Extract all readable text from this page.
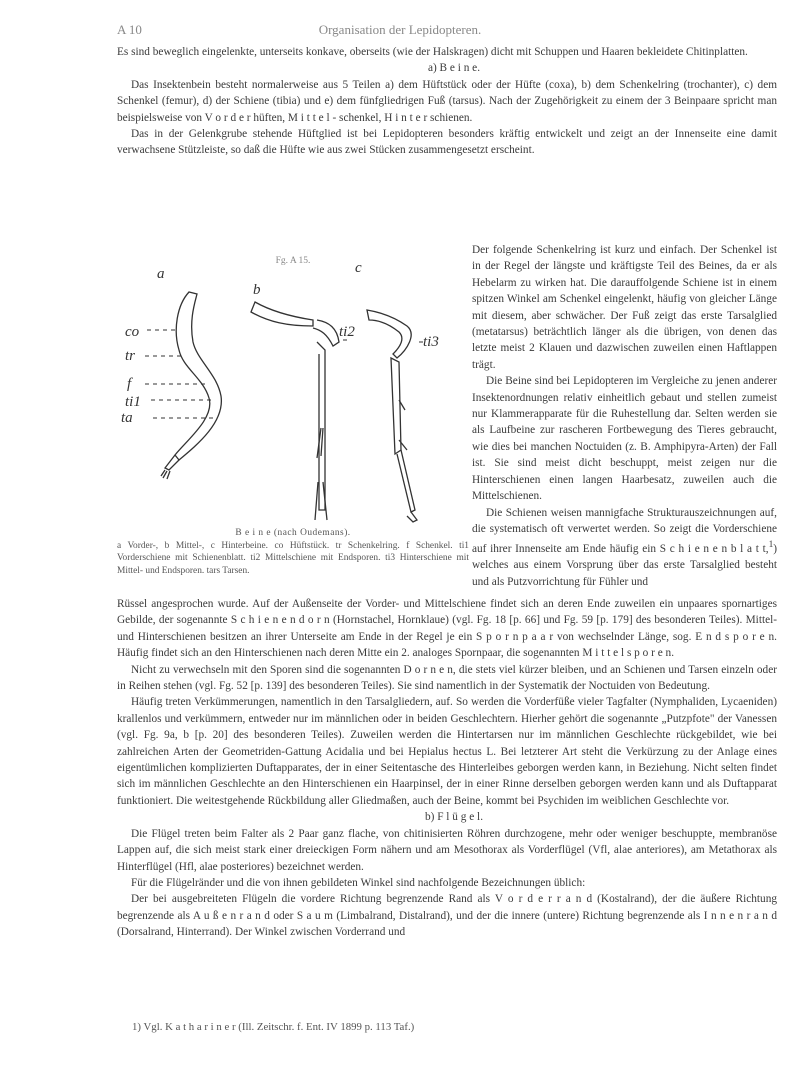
A 10	Organisation der Lepidopteren.

Es sind beweglich eingelenkte, unterseits konkave, oberseits (wie der Halskragen) dicht mit Schuppen und Haaren bekleidete Chitinplatten.

a) B e i n e.

Das Insektenbein besteht normalerweise aus 5 Teilen a) dem Hüftstück oder der Hüfte (coxa), b) dem Schenkelring (trochanter), c) dem Schenkel (femur), d) der Schiene (tibia) und e) dem fünfgliedrigen Fuß (tarsus). Nach der Zugehörigkeit zu einem der 3 Beinpaare spricht man beispielsweise von V o r d e r hüften, M i t t e l - schenkel, H i n t e r schienen.

Das in der Gelenkgrube stehende Hüftglied ist bei Lepidopteren besonders kräftig entwickelt und zeigt an der Innenseite eine damit verwachsene Stützleiste, so daß die Hüfte wie aus zwei Stücken zusammengesetzt erscheint.

Fg. A 15.
a
b
c
co
tr
f
ti1
ta
ti2
ti3
B e i n e (nach Oudemans).
a Vorder-, b Mittel-, c Hinterbeine. co Hüftstück. tr Schenkelring. f Schenkel. ti1 Vorderschiene mit Schienenblatt. ti2 Mittelschiene mit Endsporen. ti3 Hinterschiene mit Mittel- und Endsporen. tars Tarsen.

Der folgende Schenkelring ist kurz und einfach. Der Schenkel ist in der Regel der längste und kräftigste Teil des Beines, da er als Hebelarm zu wirken hat. Die darauffolgende Schiene ist in einem spitzen Winkel am Schenkel eingelenkt, häufig von gleicher Länge mit diesem, aber schwächer. Der Fuß zeigt das erste Tarsalglied (metatarsus) beträchtlich länger als die übrigen, von denen das letzte meist 2 Klauen und dazwischen zuweilen einen Haftlappen trägt.

Die Beine sind bei Lepidopteren im Vergleiche zu jenen anderer Insektenordnungen relativ einheitlich gebaut und stellen zumeist nur Klammerapparate für die Ruhestellung dar. Selten werden sie als Laufbeine zur rascheren Fortbewegung des Tieres gebraucht, wie dies bei manchen Noctuiden (z. B. Amphipyra-Arten) der Fall ist. Sie sind meist dicht beschuppt, meist zeigen nur die Hinterschienen einen langen Haarbesatz, zuweilen auch die Mittelschienen.

Die Schienen weisen mannigfache Strukturauszeichnungen auf, die systematisch oft verwertet werden. So zeigt die Vorderschiene auf ihrer Innenseite am Ende häufig ein S c h i e n e n b l a t t,$^1$) welches aus einem Vorsprung über das erste Tarsalglied besteht und als Putzvorrichtung für Fühler und

Rüssel angesprochen wurde. Auf der Außenseite der Vorder- und Mittelschiene findet sich an deren Ende zuweilen ein unpaares spornartiges Gebilde, der sogenannte S c h i e n e n d o r n (Hornstachel, Hornklaue) (vgl. Fg. 18 [p. 66] und Fg. 59 [p. 179] des besonderen Teiles). Mittel- und Hinterschienen besitzen an ihrer Unterseite am Ende in der Regel je ein S p o r n p a a r von wechselnder Länge, sog. E n d s p o r e n. Häufig findet sich an den Hinterschienen nach deren Mitte ein 2. analoges Spornpaar, die sogenannten M i t t e l s p o r e n.

Nicht zu verwechseln mit den Sporen sind die sogenannten D o r n e n, die stets viel kürzer bleiben, und an Schienen und Tarsen einzeln oder in Reihen stehen (vgl. Fg. 52 [p. 139] des besonderen Teiles). Sie sind namentlich in der Systematik der Noctuiden von Bedeutung.

Häufig treten Verkümmerungen, namentlich in den Tarsalgliedern, auf. So werden die Vorderfüße vieler Tagfalter (Nymphaliden, Lycaeniden) krallenlos und verkümmern, entweder nur im männlichen oder in beiden Geschlechtern. Hierher gehört die sogenannte „Putzpfote" der Vanessen (vgl. Fg. 9a, b [p. 20] des besonderen Teiles). Zuweilen werden die Hintertarsen nur im männlichen Geschlechte rückgebildet, wie bei zahlreichen Arten der Geometriden-Gattung Acidalia und bei Hepialus hectus L. Bei letzterer Art steht die Verkürzung zu der Anlage eines eigentümlichen komplizierten Duftapparates, der in einer Seitentasche des Hinterleibes geborgen werden kann, in Beziehung. Nicht selten findet sich im männlichen Geschlechte an den Hinterschienen ein Haarpinsel, der in einer Rinne derselben geborgen werden kann und als Duftapparat funktioniert. Die weitestgehende Rückbildung aller Gliedmaßen, auch der Beine, kommt bei Psychiden im weiblichen Geschlechte vor.

b) F l ü g e l.

Die Flügel treten beim Falter als 2 Paar ganz flache, von chitinisierten Röhren durchzogene, mehr oder weniger beschuppte, membranöse Lappen auf, die sich meist stark einer dreieckigen Form nähern und am Mesothorax als Vorderflügel (Vfl, alae anteriores), am Metathorax als Hinterflügel (Hfl, alae posteriores) bezeichnet werden.

Für die Flügelränder und die von ihnen gebildeten Winkel sind nachfolgende Bezeichnungen üblich:

Der bei ausgebreiteten Flügeln die vordere Richtung begrenzende Rand als V o r d e r r a n d (Kostalrand), der die äußere Richtung begrenzende als A u ß e n r a n d oder S a u m (Limbalrand, Distalrand), und der die innere (untere) Richtung begrenzende als I n n e n r a n d (Dorsalrand, Hinterrand). Der Winkel zwischen Vorderrand und

1) Vgl. K a t h a r i n e r (Ill. Zeitschr. f. Ent. IV 1899 p. 113 Taf.)
